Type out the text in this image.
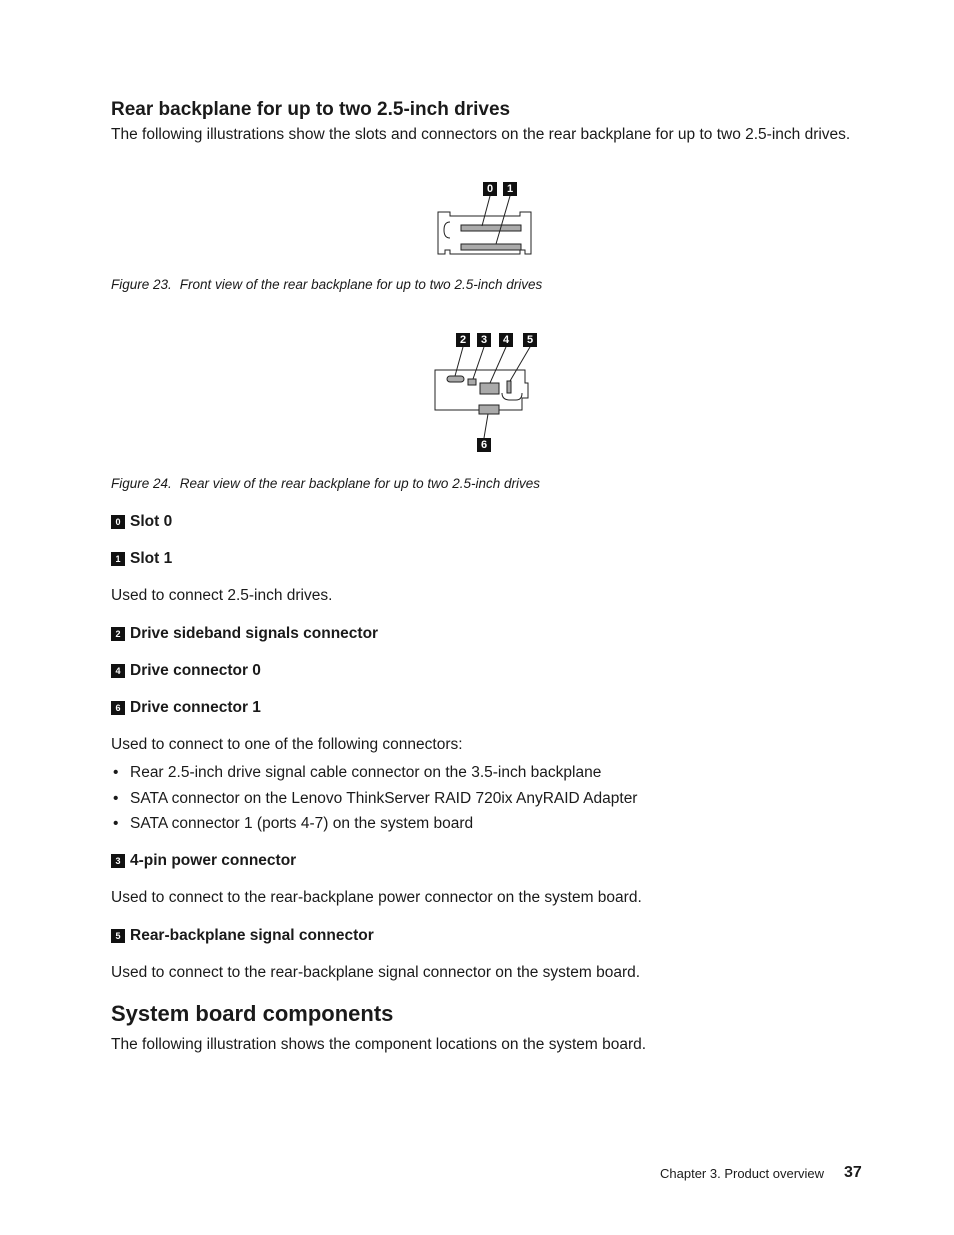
Rear backplane for up to two 2.5-inch drives
The following illustrations show the slots and connectors on the rear backplane for up to two 2.5-inch drives.
0	1
Figure 23. Front view of the rear backplane for up to two 2.5-inch drives
2	3	4	5
6
Figure 24. Rear view of the rear backplane for up to two 2.5-inch drives
0 Slot 0
1 Slot 1
Used to connect 2.5-inch drives.
2 Drive sideband signals connector
4 Drive connector 0
6 Drive connector 1
Used to connect to one of the following connectors:
• Rear 2.5-inch drive signal cable connector on the 3.5-inch backplane
• SATA connector on the Lenovo ThinkServer RAID 720ix AnyRAID Adapter
• SATA connector 1 (ports 4-7) on the system board
3 4-pin power connector
Used to connect to the rear-backplane power connector on the system board.
5 Rear-backplane signal connector
Used to connect to the rear-backplane signal connector on the system board.
System board components
The following illustration shows the component locations on the system board.
Chapter 3. Product overview 37
